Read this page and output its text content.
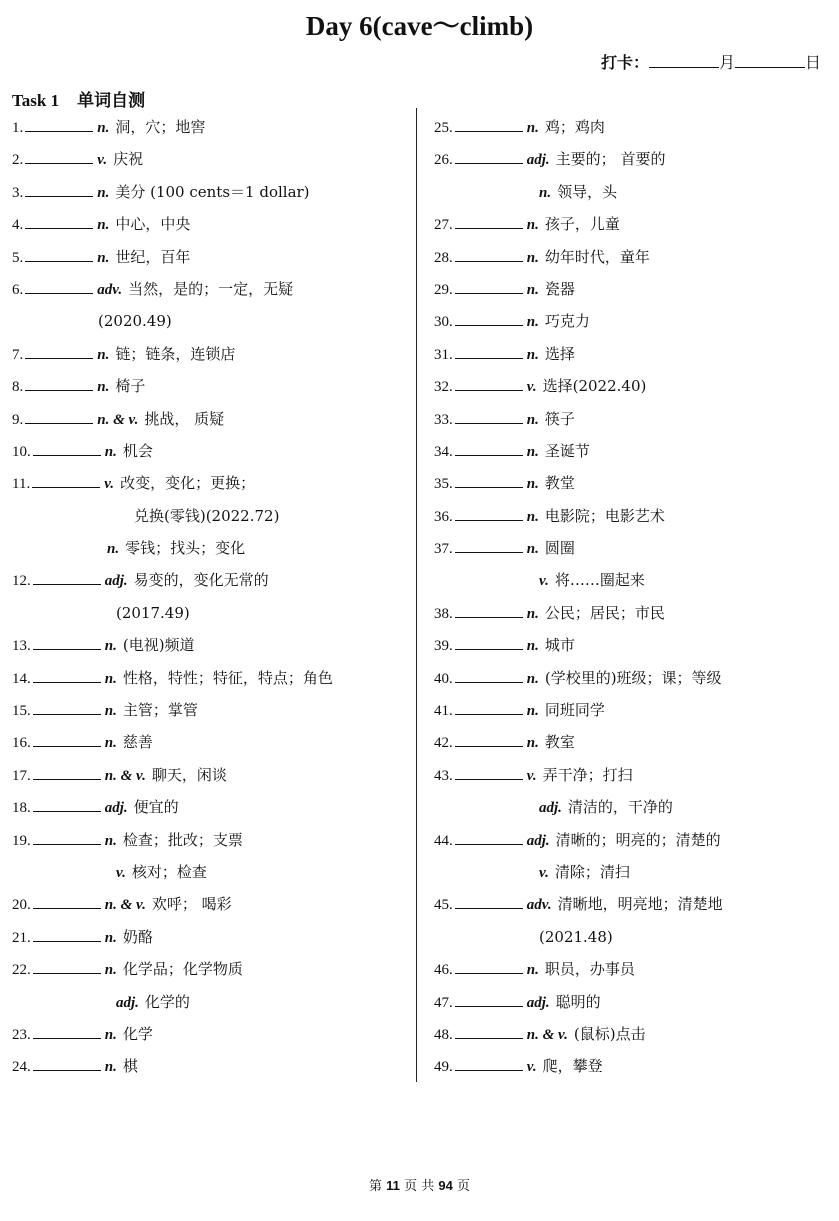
Day 6(cave～climb)
打卡：	月	日
Task 1 单词自测
1.	n. 洞，穴；地窖
2.	v. 庆祝
3.	n. 美分 (100 cents＝1 dollar)
4.	n. 中心，中央
5.	n. 世纪，百年
6.	adv. 当然，是的；一定，无疑
(2020.49)
7.	n. 链；链条，连锁店
8.	n. 椅子
9.	n. & v. 挑战， 质疑
10.	n. 机会
11.	v. 改变，变化；更换；
兑换(零钱)(2022.72)
n. 零钱；找头；变化
12.	adj. 易变的，变化无常的
(2017.49)
13.	n. (电视)频道
14.	n. 性格，特性；特征，特点；角色
15.	n. 主管；掌管
16.	n. 慈善
17.	n. & v. 聊天，闲谈
18.	adj. 便宜的
19.	n. 检查；批改；支票
v. 核对；检查
20.	n. & v. 欢呼； 喝彩
21.	n. 奶酪
22.	n. 化学品；化学物质
adj. 化学的
23.	n. 化学
24.	n. 棋
25.	n. 鸡；鸡肉
26.	adj. 主要的； 首要的
n. 领导，头
27.	n. 孩子，儿童
28.	n. 幼年时代，童年
29.	n. 瓷器
30.	n. 巧克力
31.	n. 选择
32.	v. 选择(2022.40)
33.	n. 筷子
34.	n. 圣诞节
35.	n. 教堂
36.	n. 电影院；电影艺术
37.	n. 圆圈
v. 将……圈起来
38.	n. 公民；居民；市民
39.	n. 城市
40.	n. (学校里的)班级；课；等级
41.	n. 同班同学
42.	n. 教室
43.	v. 弄干净；打扫
adj. 清洁的，干净的
44.	adj. 清晰的；明亮的；清楚的
v. 清除；清扫
45.	adv. 清晰地，明亮地；清楚地
(2021.48)
46.	n. 职员，办事员
47.	adj. 聪明的
48.	n. & v. (鼠标)点击
49.	v. 爬，攀登
第 11 页 共 94 页
